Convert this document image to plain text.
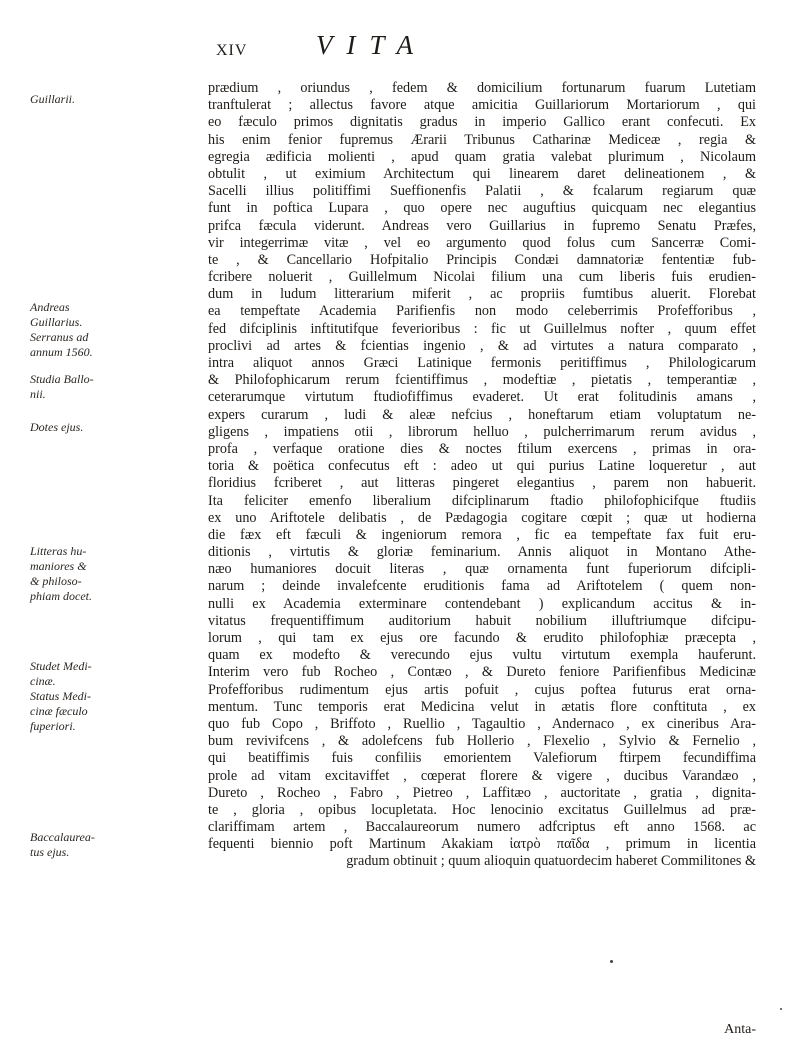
XIV	VITA
Guillarii.
Andreas
Guillarius.
Serranus ad
annum 1560.
Studia Ballo-
nii.
Dotes ejus.
Litteras hu-
maniores &
& philoso-
phiam docet.
Studet Medi-
cinæ.
Status Medi-
cinæ fæculo
fuperiori.
Baccalaurea-
tus ejus.
prædium , oriundus , fedem & domicilium fortunarum fuarum Lutetiam
tranftulerat ; allectus favore atque amicitia Guillariorum Mortariorum , qui
eo fæculo primos dignitatis gradus in imperio Gallico erant confecuti. Ex
his enim fenior fupremus Ærarii Tribunus Catharinæ Mediceæ , regia &
egregia ædificia molienti , apud quam gratia valebat plurimum , Nicolaum
obtulit , ut eximium Architectum qui linearem daret delineationem , &
Sacelli illius politiffimi Sueffionenfis Palatii , & fcalarum regiarum quæ
funt in poftica Lupara , quo opere nec auguftius quicquam nec elegantius
prifca fæcula viderunt. Andreas vero Guillarius in fupremo Senatu Præfes,
vir integerrimæ vitæ , vel eo argumento quod folus cum Sancerræ Comi-
te , & Cancellario Hofpitalio Principis Condæi damnatoriæ fententiæ fub-
fcribere noluerit , Guillelmum Nicolai filium una cum liberis fuis erudien-
dum in ludum litterarium miferit , ac propriis fumtibus aluerit. Florebat
ea tempeftate Academia Parifienfis non modo celeberrimis Profefforibus ,
fed difciplinis inftitutifque feverioribus : fic ut Guillelmus nofter , quum effet
proclivi ad artes & fcientias ingenio , & ad virtutes a natura comparato ,
intra aliquot annos Græci Latinique fermonis peritiffimus , Philologicarum
& Philofophicarum rerum fcientiffimus , modeftiæ , pietatis , temperantiæ ,
ceterarumque virtutum ftudiofiffimus evaderet. Ut erat folitudinis amans ,
expers curarum , ludi & aleæ nefcius , honeftarum etiam voluptatum ne-
gligens , impatiens otii , librorum helluo , pulcherrimarum rerum avidus ,
profa , verfaque oratione dies & noctes ftilum exercens , primas in ora-
toria & poëtica confecutus eft : adeo ut qui purius Latine loqueretur , aut
floridius fcriberet , aut litteras pingeret elegantius , parem non habuerit.
Ita feliciter emenfo liberalium difciplinarum ftadio philofophicifque ftudiis
ex uno Ariftotele delibatis , de Pædagogia cogitare cœpit ; quæ ut hodierna
die fæx eft fæculi & ingeniorum remora , fic ea tempeftate fax fuit eru-
ditionis , virtutis & gloriæ feminarium. Annis aliquot in Montano Athe-
næo humaniores docuit literas , quæ ornamenta funt fuperiorum difcipli-
narum ; deinde invalefcente eruditionis fama ad Ariftotelem ( quem non-
nulli ex Academia exterminare contendebant ) explicandum accitus & in-
vitatus frequentiffimum auditorium habuit nobilium illuftriumque difcipu-
lorum , qui tam ex ejus ore facundo & erudito philofophiæ præcepta ,
quam ex modefto & verecundo ejus vultu virtutum exempla hauferunt.
Interim vero fub Rocheo , Contæo , & Dureto feniore Parifienfibus Medicinæ
Profefforibus rudimentum ejus artis pofuit , cujus poftea futurus erat orna-
mentum. Tunc temporis erat Medicina velut in ætatis flore conftituta , ex
quo fub Copo , Briffoto , Ruellio , Tagaultio , Andernaco , ex cineribus Ara-
bum revivifcens , & adolefcens fub Hollerio , Flexelio , Sylvio & Fernelio ,
qui beatiffimis fuis confiliis emorientem Valefiorum ftirpem fecundiffima
prole ad vitam excitaviffet , cœperat florere & vigere , ducibus Varandæo ,
Dureto , Rocheo , Fabro , Pietreo , Laffitæo , auctoritate , gratia , dignita-
te , gloria , opibus locupletata. Hoc lenocinio excitatus Guillelmus ad præ-
clariffimam artem , Baccalaureorum numero adfcriptus eft anno 1568. ac
fequenti biennio poft Martinum Akakiam ἰατρὸ παῖδα , primum in licentia
gradum obtinuit ; quum alioquin quatuordecim haberet Commilitones &
Anta-
